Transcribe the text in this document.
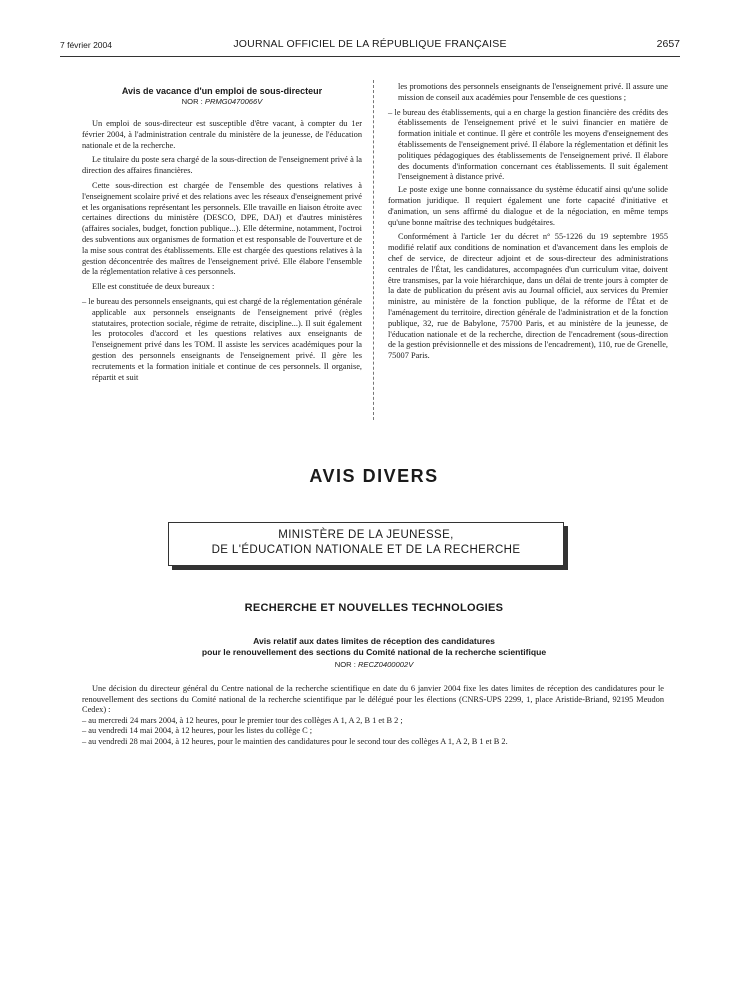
7 février 2004	JOURNAL OFFICIEL DE LA RÉPUBLIQUE FRANÇAISE	2657
Avis de vacance d'un emploi de sous-directeur
NOR : PRMG0470066V

Un emploi de sous-directeur est susceptible d'être vacant, à compter du 1er février 2004, à l'administration centrale du ministère de la jeunesse, de l'éducation nationale et de la recherche.

Le titulaire du poste sera chargé de la sous-direction de l'enseignement privé à la direction des affaires financières.

Cette sous-direction est chargée de l'ensemble des questions relatives à l'enseignement scolaire privé et des relations avec les réseaux d'enseignement privé et les organisations représentant les personnels. Elle travaille en liaison étroite avec certaines directions du ministère (DESCO, DPE, DAJ) et d'autres ministères (affaires sociales, budget, fonction publique...). Elle détermine, notamment, l'octroi des subventions aux organismes de formation et est responsable de l'ouverture et de la mise sous contrat des établissements. Elle est chargée des questions relatives à la gestion déconcentrée des maîtres de l'enseignement privé. Elle élabore l'ensemble de la réglementation relative à ces personnels.

Elle est constituée de deux bureaux :

– le bureau des personnels enseignants, qui est chargé de la réglementation générale applicable aux personnels enseignants de l'enseignement privé (règles statutaires, protection sociale, régime de retraite, discipline...). Il suit également les protocoles d'accord et les questions relatives aux enseignants de l'enseignement privé dans les TOM. Il assiste les services académiques pour la gestion des personnels enseignants de l'enseignement privé. Il gère les recrutements et la formation initiale et continue de ces personnels. Il organise, répartit et suit

les promotions des personnels enseignants de l'enseignement privé. Il assure une mission de conseil aux académies pour l'ensemble de ces questions ;

– le bureau des établissements, qui a en charge la gestion financière des crédits des établissements de l'enseignement privé et le suivi financier en matière de formation initiale et continue. Il gère et contrôle les moyens d'enseignement des établissements de l'enseignement privé. Il élabore la réglementation et définit les politiques pédagogiques des établissements de l'enseignement privé. Il élabore des documents d'information concernant ces établissements. Il suit également l'enseignement à distance privé.

Le poste exige une bonne connaissance du système éducatif ainsi qu'une solide formation juridique. Il requiert également une forte capacité d'initiative et d'animation, un sens affirmé du dialogue et de la négociation, en même temps qu'une bonne maîtrise des techniques budgétaires.

Conformément à l'article 1er du décret n° 55-1226 du 19 septembre 1955 modifié relatif aux conditions de nomination et d'avancement dans les emplois de chef de service, de directeur adjoint et de sous-directeur des administrations centrales de l'État, les candidatures, accompagnées d'un curriculum vitae, doivent être transmises, par la voie hiérarchique, dans un délai de trente jours à compter de la date de publication du présent avis au Journal officiel, aux services du Premier ministre, au ministère de la fonction publique, de la réforme de l'État et de l'aménagement du territoire, direction générale de l'administration et de la fonction publique, 32, rue de Babylone, 75700 Paris, et au ministère de la jeunesse, de l'éducation nationale et de la recherche, direction de l'encadrement (sous-direction de la gestion prévisionnelle et des missions de l'encadrement), 110, rue de Grenelle, 75007 Paris.

AVIS DIVERS
MINISTÈRE DE LA JEUNESSE,
DE L'ÉDUCATION NATIONALE ET DE LA RECHERCHE
RECHERCHE ET NOUVELLES TECHNOLOGIES
Avis relatif aux dates limites de réception des candidatures
pour le renouvellement des sections du Comité national de la recherche scientifique
NOR : RECZ0400002V

Une décision du directeur général du Centre national de la recherche scientifique en date du 6 janvier 2004 fixe les dates limites de réception des candidatures pour le renouvellement des sections du Comité national de la recherche scientifique par le délégué pour les élections (CNRS-UPS 2299, 1, place Aristide-Briand, 92195 Meudon Cedex) :

– au mercredi 24 mars 2004, à 12 heures, pour le premier tour des collèges A 1, A 2, B 1 et B 2 ;
– au vendredi 14 mai 2004, à 12 heures, pour les listes du collège C ;
– au vendredi 28 mai 2004, à 12 heures, pour le maintien des candidatures pour le second tour des collèges A 1, A 2, B 1 et B 2.
